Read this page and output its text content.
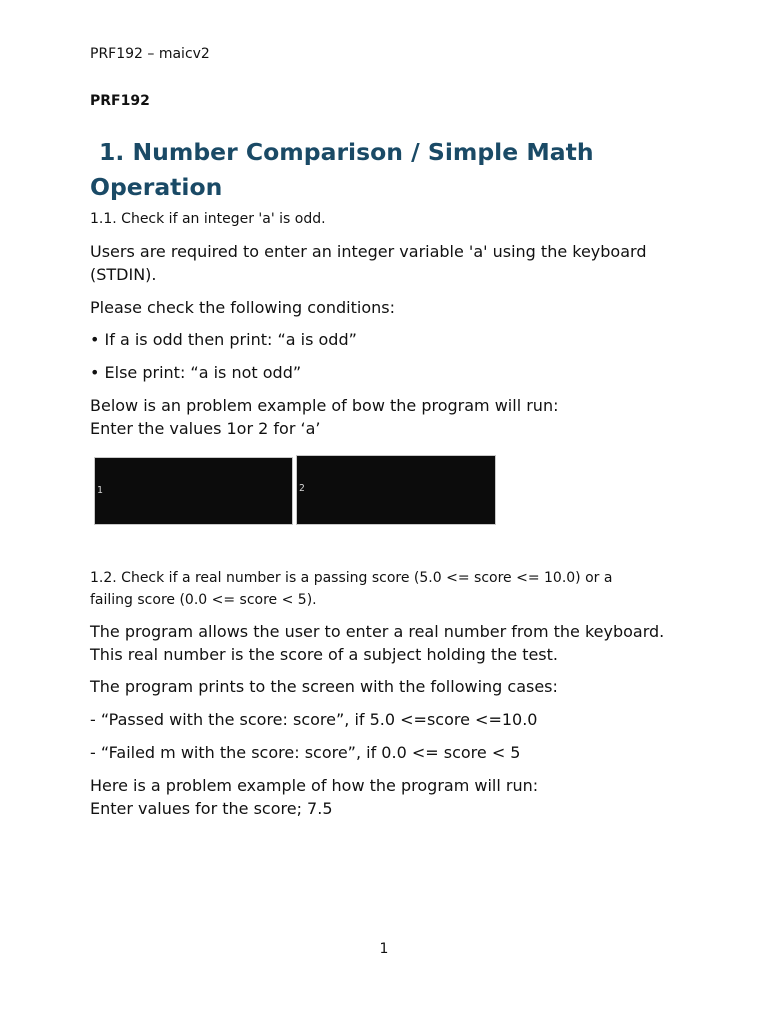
PRF192 – maicv2

PRF192

1. Number Comparison / Simple Math
Operation

1.1. Check if an integer 'a' is odd.

Users are required to enter an integer variable 'a' using the keyboard
(STDIN).

Please check the following conditions:

• If a is odd then print: “a is odd”

• Else print: “a is not odd”

Below is an problem example of bow the program will run:
Enter the values 1or 2 for ‘a’

1

	2

1.2. Check if a real number is a passing score (5.0 <= score <= 10.0) or a
failing score (0.0 <= score < 5).

The program allows the user to enter a real number from the keyboard.
This real number is the score of a subject holding the test.

The program prints to the screen with the following cases:

- “Passed with the score: score”, if 5.0 <=score <=10.0

- “Failed m with the score: score”, if 0.0 <= score < 5

Here is a problem example of how the program will run:
Enter values for the score; 7.5

1
